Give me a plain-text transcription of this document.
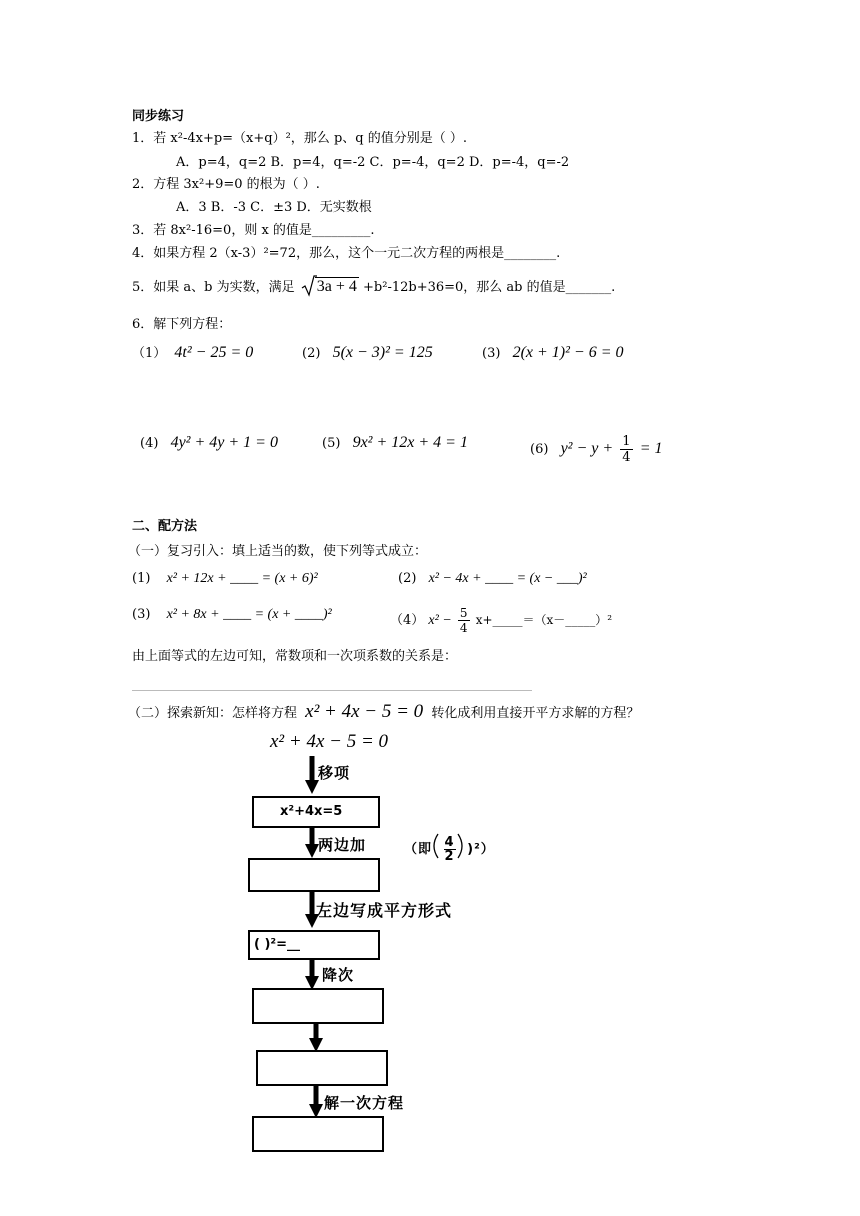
同步练习
1．若 x²-4x+p=（x+q）²，那么 p、q 的值分别是（ ）.
A．p=4，q=2 B．p=4，q=-2 C．p=-4，q=2 D．p=-4，q=-2
2．方程 3x²+9=0 的根为（ ）.
A．3 B．-3 C．±3 D．无实数根
3．若 8x²-16=0，则 x 的值是_________.
4．如果方程 2（x-3）²=72，那么，这个一元二次方程的两根是________.
5．如果 a、b 为实数，满足 3a + 4 +b²-12b+36=0，那么 ab 的值是_______.
6．解下列方程：
（1） 4t² − 25 = 0	(2) 5(x − 3)² = 125	(3) 2(x + 1)² − 6 = 0
(4) 4y² + 4y + 1 = 0	(5) 9x² + 12x + 4 = 1	(6) $y^2 - y + \frac{1}{4} = 1$
二、配方法
（一）复习引入：填上适当的数，使下列等式成立：
(1) x² + 12x + ____ = (x + 6)²	(2) x² − 4x + ____ = (x − ___)²
(3) x² + 8x + ____ = (x + ____)²	（4） $x^2 - \frac{5}{4}$ x+_____＝（x－_____）²
由上面等式的左边可知，常数项和一次项系数的关系是：
（二）探索新知：怎样将方程 x² + 4x − 5 = 0 转化成利用直接开平方求解的方程？
x² + 4x − 5 = 0
移项
x²+4x=5
两边加	（即 $\frac{4}{2} )^2$）
左边写成平方形式
( )²=__
降次
解一次方程
